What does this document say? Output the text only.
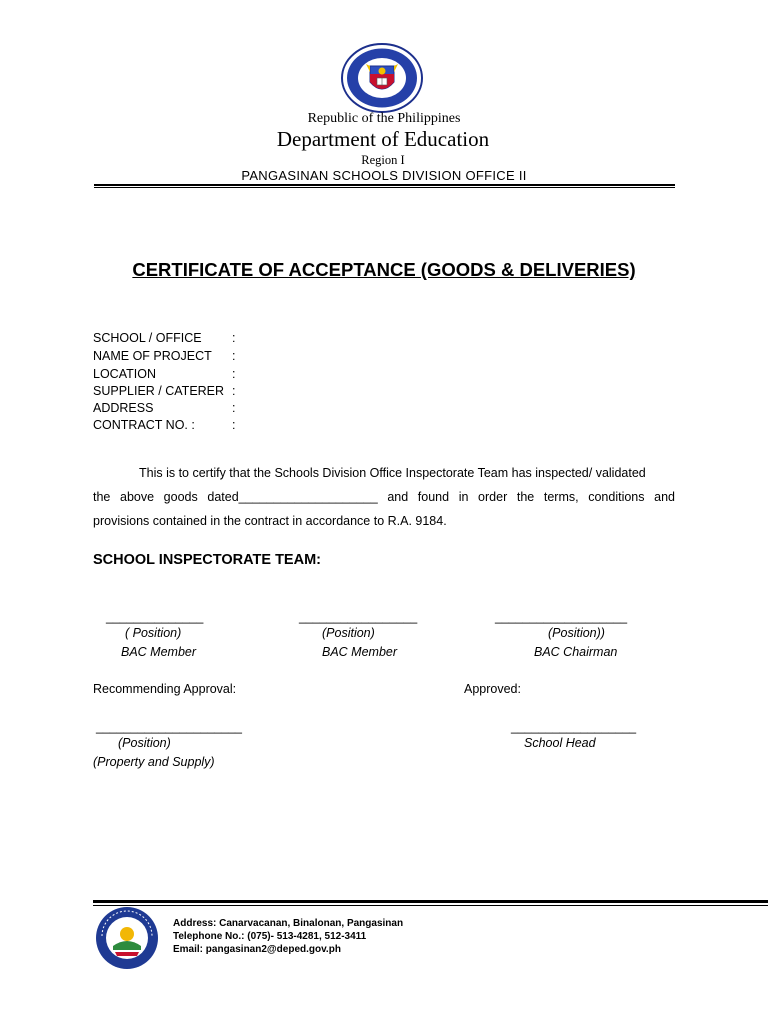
Republic of the Philippines
Department of Education
Region I
PANGASINAN SCHOOLS DIVISION OFFICE II
CERTIFICATE OF ACCEPTANCE (GOODS & DELIVERIES)
SCHOOL / OFFICE :
NAME OF PROJECT :
LOCATION	:
SUPPLIER / CATERER :
ADDRESS	:
CONTRACT NO. :	:
This is to certify that the Schools Division Office Inspectorate Team has inspected/ validated
the above goods dated____________________ and found in order the terms, conditions and
provisions contained in the contract in accordance to R.A. 9184.
SCHOOL INSPECTORATE TEAM:
______________
( Position)
BAC Member
_________________
(Position)
BAC Member
___________________
(Position))
BAC Chairman
Recommending Approval:	Approved:
_____________________
(Position)
(Property and Supply)
__________________
School Head
Address: Canarvacanan, Binalonan, Pangasinan
Telephone No.: (075)- 513-4281, 512-3411
Email: pangasinan2@deped.gov.ph
